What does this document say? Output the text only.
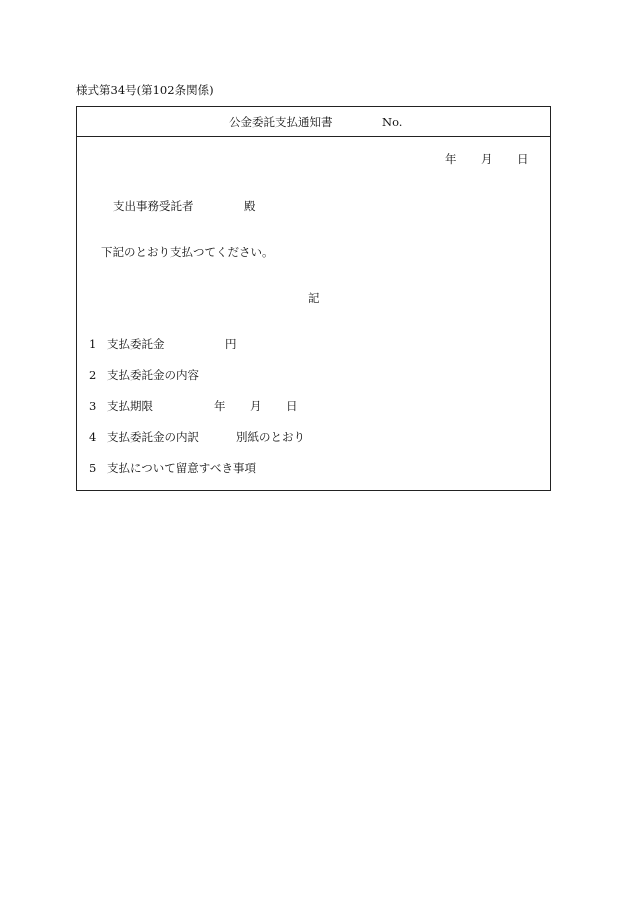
様式第34号(第102条関係)
公金委託支払通知書	No.
年 月 日
支出事務受託者	殿
下記のとおり支払つてください。
記
1 支払委託金	円
2 支払委託金の内容
3 支払期限	年 月 日
4 支払委託金の内訳	別紙のとおり
5 支払について留意すべき事項
